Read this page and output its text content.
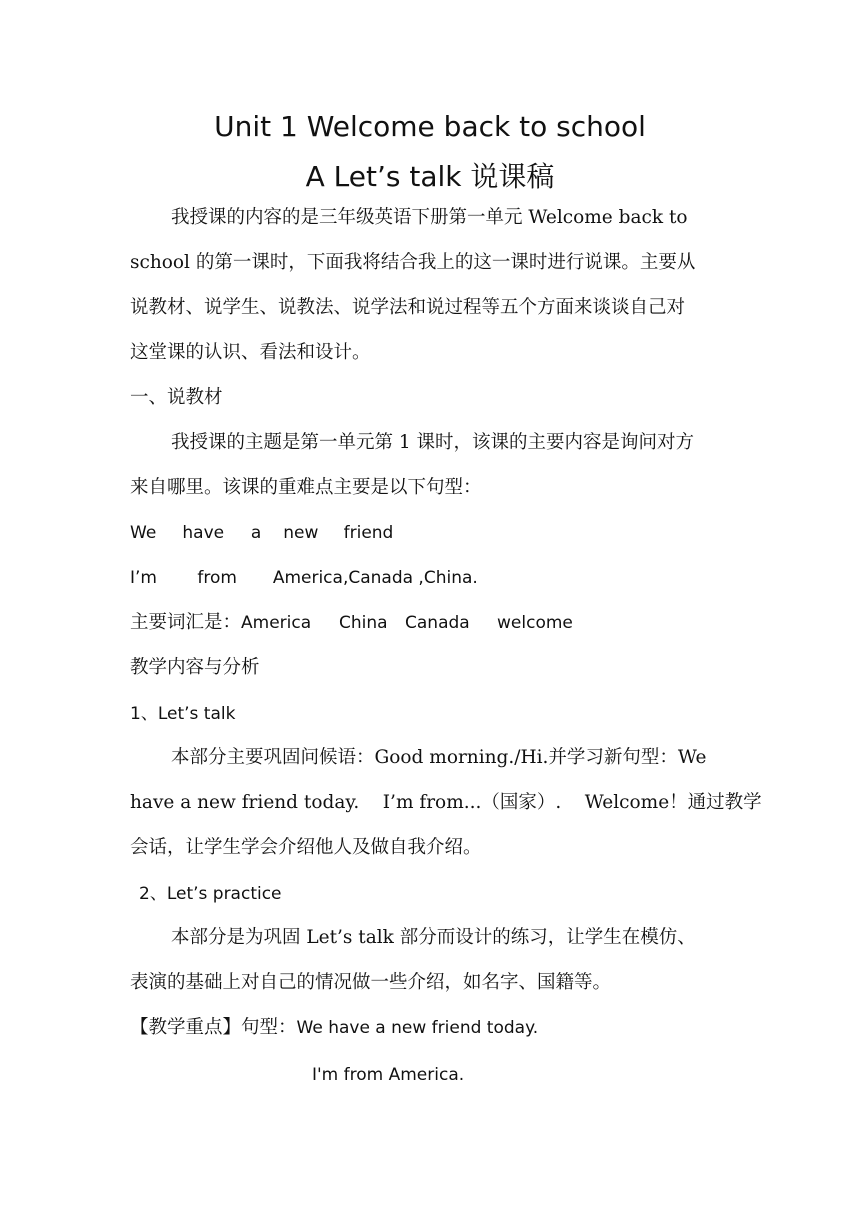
Unit 1 Welcome back to school
A Let’s talk 说课稿
我授课的内容的是三年级英语下册第一单元 Welcome back to
school 的第一课时，下面我将结合我上的这一课时进行说课。主要从
说教材、说学生、说教法、说学法和说过程等五个方面来谈谈自己对
这堂课的认识、看法和设计。
一、说教材
我授课的主题是第一单元第 1 课时，该课的主要内容是询问对方
来自哪里。该课的重难点主要是以下句型：
We have a new friend
I’m from America,Canada ,China.
主要词汇是：America China Canada welcome
教学内容与分析
1、Let’s talk
本部分主要巩固问候语：Good morning./Hi.并学习新句型：We
have a new friend today.    I’m from...（国家）.    Welcome！通过教学
会话，让学生学会介绍他人及做自我介绍。
2、Let’s practice
本部分是为巩固 Let’s talk 部分而设计的练习，让学生在模仿、
表演的基础上对自己的情况做一些介绍，如名字、国籍等。
【教学重点】句型：We have a new friend today.
I'm from America.
